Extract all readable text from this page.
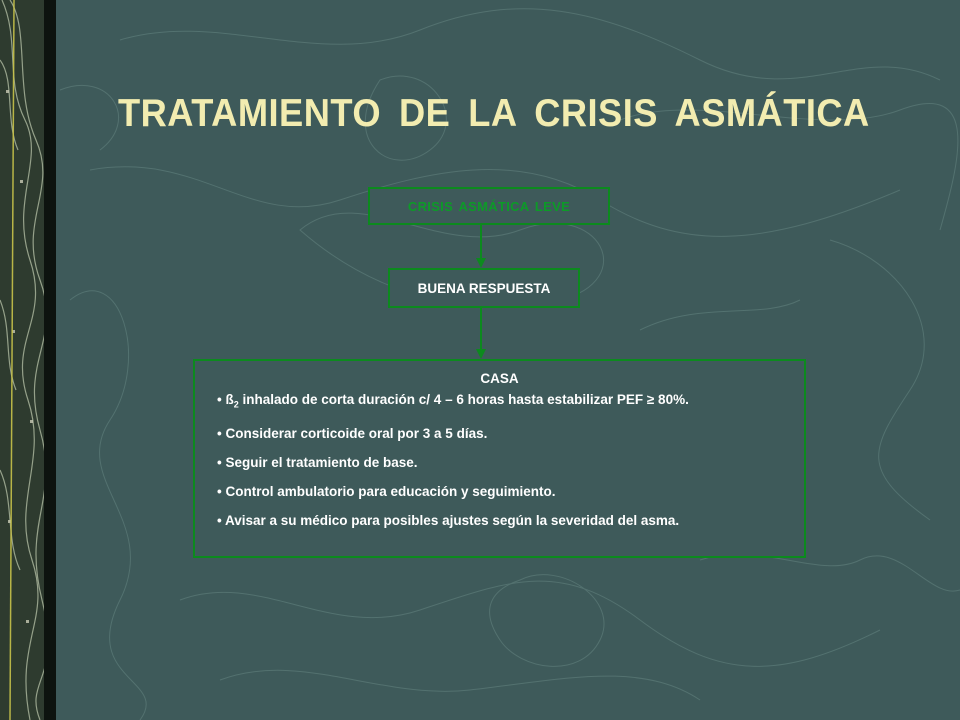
TRATAMIENTO DE LA CRISIS ASMÁTICA
CRISIS ASMÁTICA LEVE
BUENA RESPUESTA
CASA
• $ß_2$ inhalado de corta duración c/ 4 – 6 horas hasta estabilizar PEF ≥ 80%.
• Considerar corticoide oral por 3 a 5 días.
• Seguir el tratamiento de base.
• Control ambulatorio para educación y seguimiento.
• Avisar a su médico para posibles ajustes según la severidad del asma.
